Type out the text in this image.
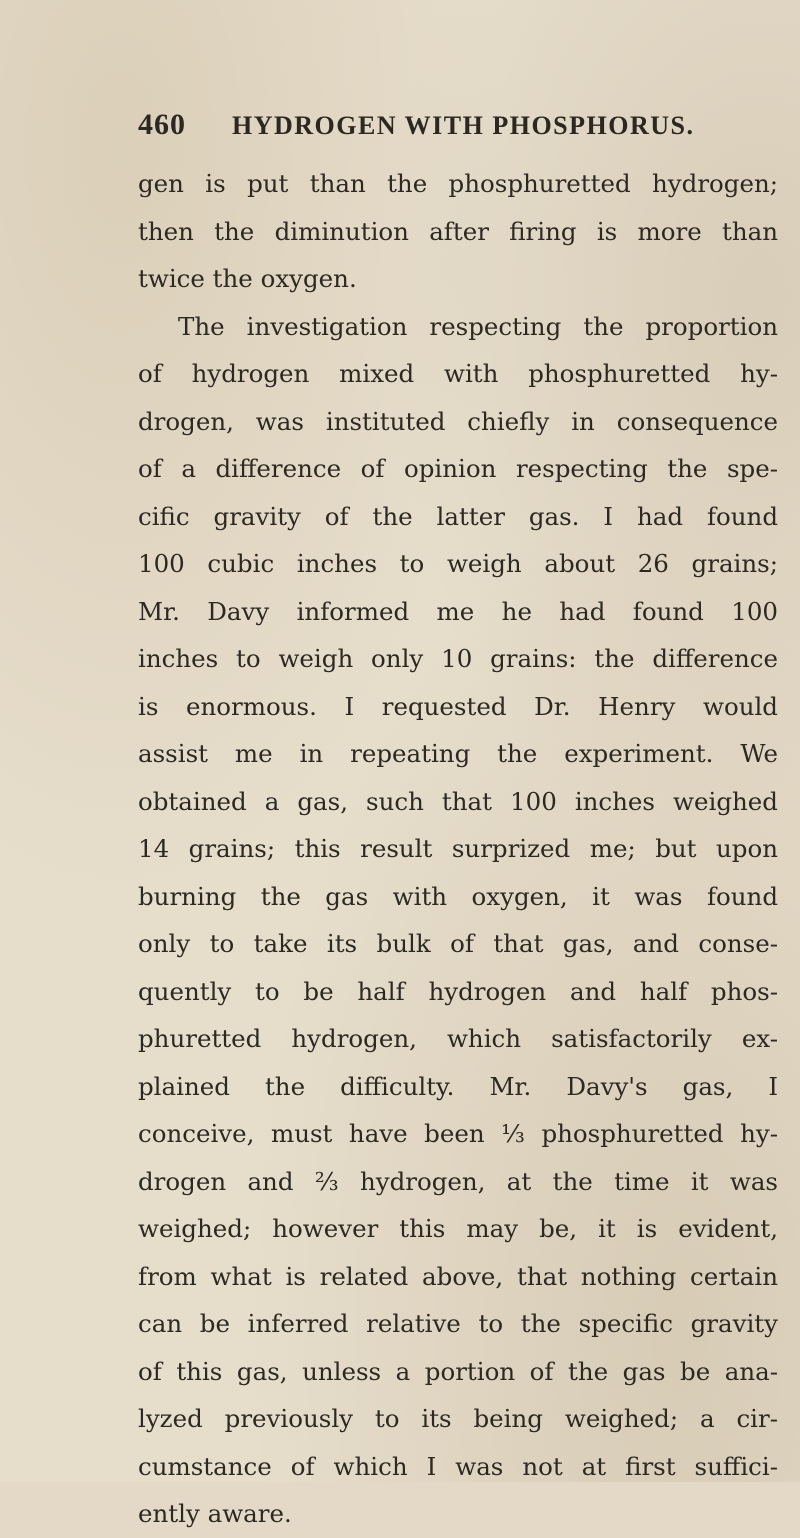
460 HYDROGEN WITH PHOSPHORUS.
gen is put than the phosphuretted hydrogen;
then the diminution after firing is more than
twice the oxygen.
The investigation respecting the proportion
of hydrogen mixed with phosphuretted hy-
drogen, was instituted chiefly in consequence
of a difference of opinion respecting the spe-
cific gravity of the latter gas. I had found
100 cubic inches to weigh about 26 grains;
Mr. Davy informed me he had found 100
inches to weigh only 10 grains: the difference
is enormous. I requested Dr. Henry would
assist me in repeating the experiment. We
obtained a gas, such that 100 inches weighed
14 grains; this result surprized me; but upon
burning the gas with oxygen, it was found
only to take its bulk of that gas, and conse-
quently to be half hydrogen and half phos-
phuretted hydrogen, which satisfactorily ex-
plained the difficulty. Mr. Davy's gas, I
conceive, must have been ⅓ phosphuretted hy-
drogen and ⅔ hydrogen, at the time it was
weighed; however this may be, it is evident,
from what is related above, that nothing certain
can be inferred relative to the specific gravity
of this gas, unless a portion of the gas be ana-
lyzed previously to its being weighed; a cir-
cumstance of which I was not at first suffici-
ently aware.
